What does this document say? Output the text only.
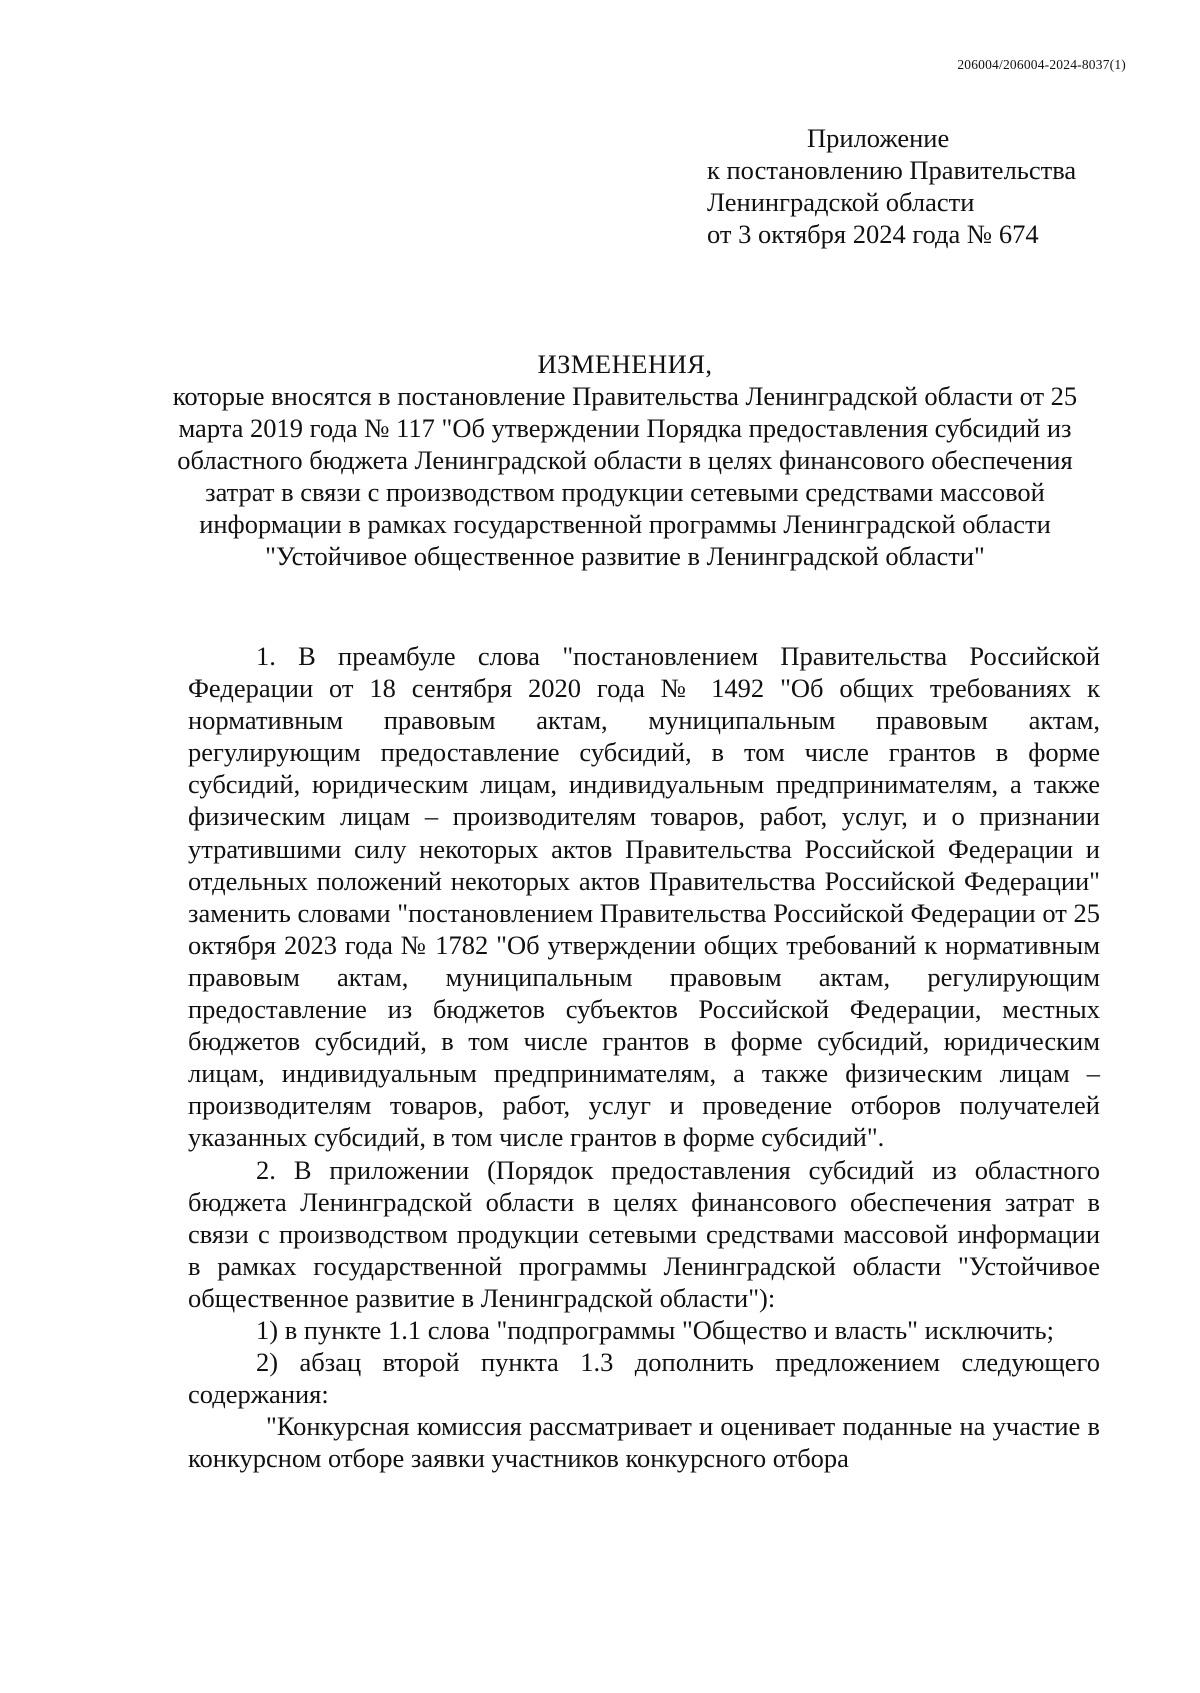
206004/206004-2024-8037(1)
Приложение
к постановлению Правительства
Ленинградской области
от 3 октября 2024 года № 674
ИЗМЕНЕНИЯ,
которые вносятся в постановление Правительства Ленинградской области от 25 марта 2019 года № 117 "Об утверждении Порядка предоставления субсидий из областного бюджета Ленинградской области в целях финансового обеспечения затрат в связи с производством продукции сетевыми средствами массовой информации в рамках государственной программы Ленинградской области "Устойчивое общественное развитие в Ленинградской области"

1. В преамбуле слова "постановлением Правительства Российской Федерации от 18 сентября 2020 года № 1492 "Об общих требованиях к нормативным правовым актам, муниципальным правовым актам, регулирующим предоставление субсидий, в том числе грантов в форме субсидий, юридическим лицам, индивидуальным предпринимателям, а также физическим лицам – производителям товаров, работ, услуг, и о признании утратившими силу некоторых актов Правительства Российской Федерации и отдельных положений некоторых актов Правительства Российской Федерации" заменить словами "постановлением Правительства Российской Федерации от 25 октября 2023 года № 1782 "Об утверждении общих требований к нормативным правовым актам, муниципальным правовым актам, регулирующим предоставление из бюджетов субъектов Российской Федерации, местных бюджетов субсидий, в том числе грантов в форме субсидий, юридическим лицам, индивидуальным предпринимателям, а также физическим лицам – производителям товаров, работ, услуг и проведение отборов получателей указанных субсидий, в том числе грантов в форме субсидий".

2. В приложении (Порядок предоставления субсидий из областного бюджета Ленинградской области в целях финансового обеспечения затрат в связи с производством продукции сетевыми средствами массовой информации в рамках государственной программы Ленинградской области "Устойчивое общественное развитие в Ленинградской области"):

1) в пункте 1.1 слова "подпрограммы "Общество и власть" исключить;

2) абзац второй пункта 1.3 дополнить предложением следующего содержания:

"Конкурсная комиссия рассматривает и оценивает поданные на участие в конкурсном отборе заявки участников конкурсного отбора
